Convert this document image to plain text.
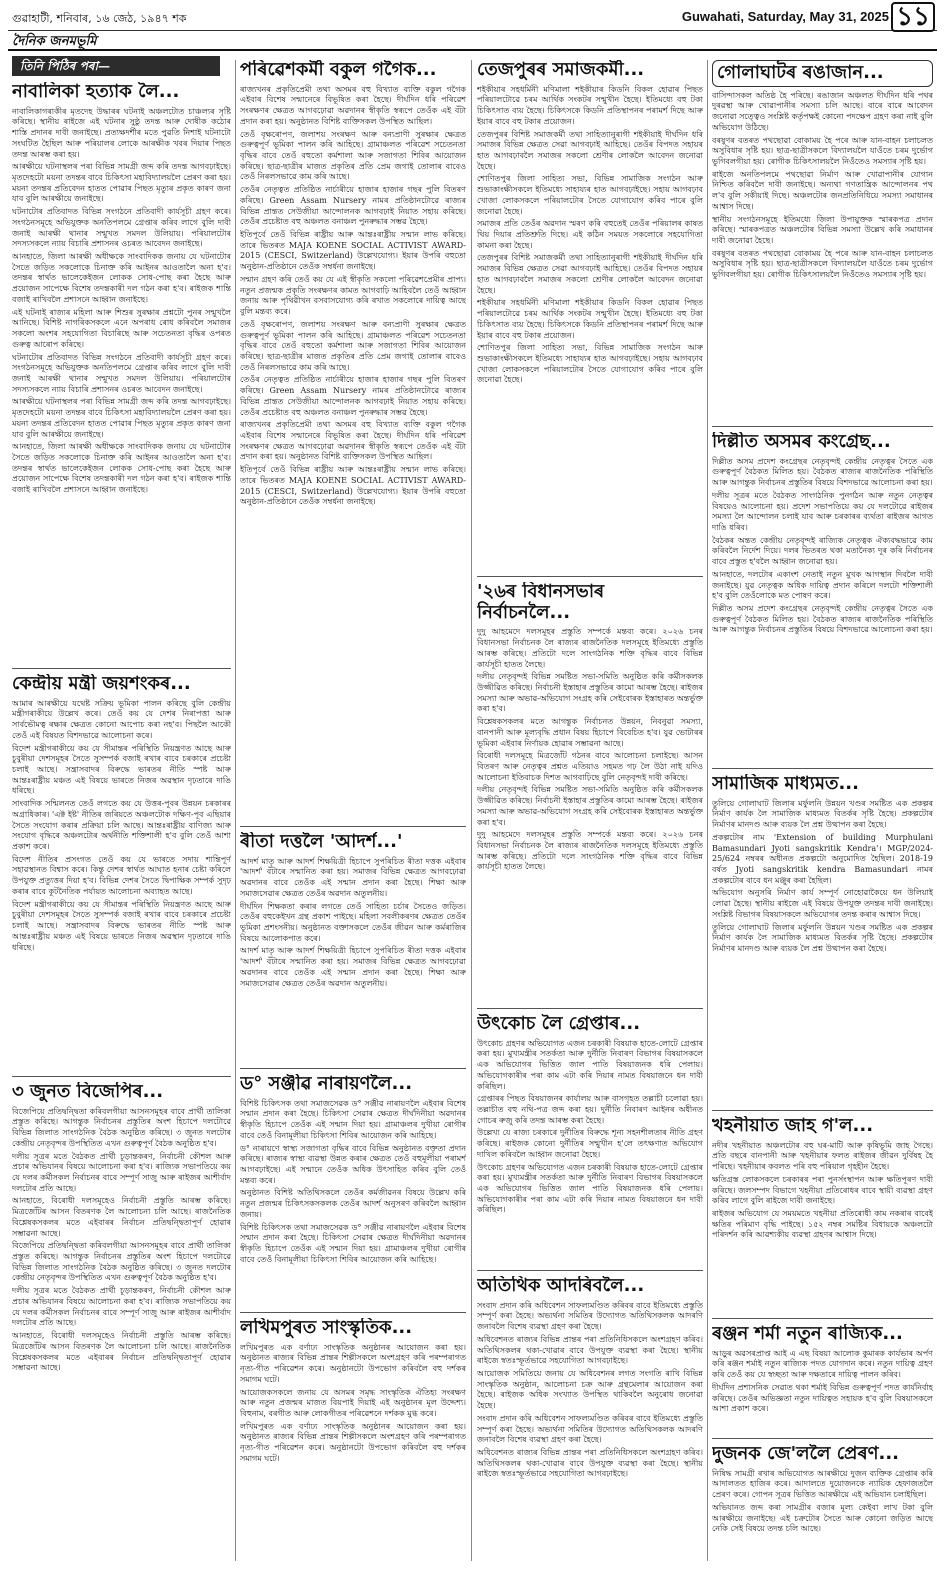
গুৱাহাটী, শনিবাৰ, ১৬ জেঠ, ১৯৪৭ শক	Guwahati, Saturday, May 31, 2025 ১১
দৈনিক জনমভূমি
নাবালিকা হত্যাক লৈ...

নাবালিকাগৰাকীৰ মৃতদেহ উদ্ধাৰৰ ঘটনাই অঞ্চলটোত চাঞ্চল্যৰ সৃষ্টি কৰিছে। স্থানীয় ৰাইজে এই ঘটনাৰ সুষ্ঠু তদন্ত আৰু দোষীক কঠোৰ শাস্তি প্ৰদানৰ দাবী জনাইছে। প্ৰত্যক্ষদৰ্শীৰ মতে পুৱতি নিশাই ঘটনাটো সংঘটিত হৈছিল আৰু পৰিয়ালৰ লোকে আৰক্ষীক খবৰ দিয়াৰ পিছত তদন্ত আৰম্ভ কৰা হয়।

আৰক্ষীয়ে ঘটনাস্থলৰ পৰা বিভিন্ন সামগ্ৰী জব্দ কৰি তদন্ত আগবঢ়াইছে। মৃতদেহটো ময়না তদন্তৰ বাবে চিকিৎসা মহাবিদ্যালয়লৈ প্ৰেৰণ কৰা হয়। ময়না তদন্তৰ প্ৰতিবেদন হাতত পোৱাৰ পিছত মৃত্যুৰ প্ৰকৃত কাৰণ জনা যাব বুলি আৰক্ষীয়ে জনাইছে।

ঘটনাটোৰ প্ৰতিবাদত বিভিন্ন সংগঠনে প্ৰতিবাদী কাৰ্যসূচী গ্ৰহণ কৰে। সংগঠনসমূহে অভিযুক্তক অনতিপলমে গ্ৰেপ্তাৰ কৰিব লাগে বুলি দাবী জনাই আৰক্ষী থানাৰ সন্মুখত সমদল উলিয়ায়। পৰিয়ালটোৰ সদস্যসকলে ন্যায় বিচাৰি প্ৰশাসনৰ ওচৰত আবেদন জনাইছে।

আনহাতে, জিলা আৰক্ষী অধীক্ষকে সাংবাদিকক জনায় যে ঘটনাটোৰ সৈতে জড়িত সকলোকে চিনাক্ত কৰি আইনৰ আওতালৈ অনা হ'ব। তদন্তৰ স্বাৰ্থত ভালেকেইজন লোকক সোধ-পোছ কৰা হৈছে আৰু প্ৰয়োজন সাপেক্ষে বিশেষ তদন্তকাৰী দল গঠন কৰা হ'ব। ৰাইজক শান্তি বজাই ৰাখিবলৈ প্ৰশাসনে আহ্বান জনাইছে।

এই ঘটনাই ৰাজ্যৰ মহিলা আৰু শিশুৰ সুৰক্ষাৰ প্ৰশ্নটো পুনৰ সন্মুখলৈ আনিছে। বিশিষ্ট নাগৰিকসকলে এনে অপৰাধ ৰোধ কৰিবলৈ সমাজৰ সকলো অংশৰ সহযোগিতা বিচাৰিছে আৰু সচেতনতা বৃদ্ধিৰ ওপৰত গুৰুত্ব আৰোপ কৰিছে।

ঘটনাটোৰ প্ৰতিবাদত বিভিন্ন সংগঠনে প্ৰতিবাদী কাৰ্যসূচী গ্ৰহণ কৰে। সংগঠনসমূহে অভিযুক্তক অনতিপলমে গ্ৰেপ্তাৰ কৰিব লাগে বুলি দাবী জনাই আৰক্ষী থানাৰ সন্মুখত সমদল উলিয়ায়। পৰিয়ালটোৰ সদস্যসকলে ন্যায় বিচাৰি প্ৰশাসনৰ ওচৰত আবেদন জনাইছে।

আৰক্ষীয়ে ঘটনাস্থলৰ পৰা বিভিন্ন সামগ্ৰী জব্দ কৰি তদন্ত আগবঢ়াইছে। মৃতদেহটো ময়না তদন্তৰ বাবে চিকিৎসা মহাবিদ্যালয়লৈ প্ৰেৰণ কৰা হয়। ময়না তদন্তৰ প্ৰতিবেদন হাতত পোৱাৰ পিছত মৃত্যুৰ প্ৰকৃত কাৰণ জনা যাব বুলি আৰক্ষীয়ে জনাইছে।

আনহাতে, জিলা আৰক্ষী অধীক্ষকে সাংবাদিকক জনায় যে ঘটনাটোৰ সৈতে জড়িত সকলোকে চিনাক্ত কৰি আইনৰ আওতালৈ অনা হ'ব। তদন্তৰ স্বাৰ্থত ভালেকেইজন লোকক সোধ-পোছ কৰা হৈছে আৰু প্ৰয়োজন সাপেক্ষে বিশেষ তদন্তকাৰী দল গঠন কৰা হ'ব। ৰাইজক শান্তি বজাই ৰাখিবলৈ প্ৰশাসনে আহ্বান জনাইছে।

কেন্দ্ৰীয় মন্ত্ৰী জয়শংকৰ...

আমাৰ আৰক্ষীয়ে যথেষ্ট সক্ৰিয় ভূমিকা পালন কৰিছে বুলি কেন্দ্ৰীয় মন্ত্ৰীগৰাকীয়ে উল্লেখ কৰে। তেওঁ কয় যে দেশৰ নিৰাপত্তা আৰু সাৰ্বভৌমত্ব ৰক্ষাৰ ক্ষেত্ৰত কোনো আপোচ কৰা নহ'ব। পিছলৈ আকৌ তেওঁ এই বিষয়ত বিশদভাৱে আলোচনা কৰে।

বিদেশ মন্ত্ৰীগৰাকীয়ে কয় যে সীমান্তৰ পৰিস্থিতি নিয়ন্ত্ৰণত আছে আৰু চুবুৰীয়া দেশসমূহৰ সৈতে সুসম্পৰ্ক বজাই ৰখাৰ বাবে চৰকাৰে প্ৰচেষ্টা চলাই আছে। সন্ত্ৰাসবাদৰ বিৰুদ্ধে ভাৰতৰ নীতি স্পষ্ট আৰু আন্তঃৰাষ্ট্ৰীয় মঞ্চত এই বিষয়ে ভাৰতে নিজৰ অৱস্থান দৃঢ়তাৰে দাঙি ধৰিছে।

সাংবাদিক সন্মিলনত তেওঁ লগতে কয় যে উত্তৰ-পূবৰ উন্নয়ন চৰকাৰৰ অগ্ৰাধিকাৰ। 'এক্ট ইষ্ট' নীতিৰ জৰিয়তে অঞ্চলটোক দক্ষিণ-পূব এছিয়াৰ সৈতে সংযোগ কৰাৰ প্ৰক্ৰিয়া চলি আছে। আন্তঃৰাষ্ট্ৰীয় বাণিজ্য আৰু সংযোগ বৃদ্ধিৰে অঞ্চলটোৰ অৰ্থনীতি শক্তিশালী হ'ব বুলি তেওঁ আশা প্ৰকাশ কৰে।

বিদেশ নীতিৰ প্ৰসংগত তেওঁ কয় যে ভাৰতে সদায় শান্তিপূৰ্ণ সহাৱস্থানত বিশ্বাস কৰে। কিন্তু দেশৰ স্বাৰ্থত আঘাত হনাৰ চেষ্টা কৰিলে উপযুক্ত প্ৰত্যুত্তৰ দিয়া হ'ব। বিভিন্ন দেশৰ সৈতে দ্বিপাক্ষিক সম্পৰ্ক সুদৃঢ় কৰাৰ বাবে কূটনৈতিক পৰ্যায়ত আলোচনা অব্যাহত আছে।

বিদেশ মন্ত্ৰীগৰাকীয়ে কয় যে সীমান্তৰ পৰিস্থিতি নিয়ন্ত্ৰণত আছে আৰু চুবুৰীয়া দেশসমূহৰ সৈতে সুসম্পৰ্ক বজাই ৰখাৰ বাবে চৰকাৰে প্ৰচেষ্টা চলাই আছে। সন্ত্ৰাসবাদৰ বিৰুদ্ধে ভাৰতৰ নীতি স্পষ্ট আৰু আন্তঃৰাষ্ট্ৰীয় মঞ্চত এই বিষয়ে ভাৰতে নিজৰ অৱস্থান দৃঢ়তাৰে দাঙি ধৰিছে।

৩ জুনত বিজেপিৰ...

বিজেপিয়ে প্ৰতিদ্বন্দ্বিতা কৰিবলগীয়া আসনসমূহৰ বাবে প্ৰাৰ্থী তালিকা প্ৰস্তুত কৰিছে। আগন্তুক নিৰ্বাচনৰ প্ৰস্তুতিৰ অংশ হিচাপে দলটোৱে বিভিন্ন জিলাত সাংগঠনিক বৈঠক অনুষ্ঠিত কৰিছে। ৩ জুনত দলটোৰ কেন্দ্ৰীয় নেতৃবৃন্দৰ উপস্থিতিত এখন গুৰুত্বপূৰ্ণ বৈঠক অনুষ্ঠিত হ'ব।

দলীয় সূত্ৰৰ মতে বৈঠকত প্ৰাৰ্থী চূড়ান্তকৰণ, নিৰ্বাচনী কৌশল আৰু প্ৰচাৰ অভিযানৰ বিষয়ে আলোচনা কৰা হ'ব। ৰাজ্যিক সভাপতিয়ে কয় যে দলৰ কৰ্মীসকল নিৰ্বাচনৰ বাবে সম্পূৰ্ণ সাজু আৰু ৰাইজৰ আশীৰ্বাদ দলটোৰ প্ৰতি আছে।

আনহাতে, বিৰোধী দলসমূহেও নিৰ্বাচনী প্ৰস্তুতি আৰম্ভ কৰিছে। মিত্ৰজোঁটৰ আসন বিতৰণক লৈ আলোচনা চলি আছে। ৰাজনৈতিক বিশ্লেষকসকলৰ মতে এইবাৰৰ নিৰ্বাচন প্ৰতিদ্বন্দ্বিতাপূৰ্ণ হোৱাৰ সম্ভাৱনা আছে।

বিজেপিয়ে প্ৰতিদ্বন্দ্বিতা কৰিবলগীয়া আসনসমূহৰ বাবে প্ৰাৰ্থী তালিকা প্ৰস্তুত কৰিছে। আগন্তুক নিৰ্বাচনৰ প্ৰস্তুতিৰ অংশ হিচাপে দলটোৱে বিভিন্ন জিলাত সাংগঠনিক বৈঠক অনুষ্ঠিত কৰিছে। ৩ জুনত দলটোৰ কেন্দ্ৰীয় নেতৃবৃন্দৰ উপস্থিতিত এখন গুৰুত্বপূৰ্ণ বৈঠক অনুষ্ঠিত হ'ব।

দলীয় সূত্ৰৰ মতে বৈঠকত প্ৰাৰ্থী চূড়ান্তকৰণ, নিৰ্বাচনী কৌশল আৰু প্ৰচাৰ অভিযানৰ বিষয়ে আলোচনা কৰা হ'ব। ৰাজ্যিক সভাপতিয়ে কয় যে দলৰ কৰ্মীসকল নিৰ্বাচনৰ বাবে সম্পূৰ্ণ সাজু আৰু ৰাইজৰ আশীৰ্বাদ দলটোৰ প্ৰতি আছে।

আনহাতে, বিৰোধী দলসমূহেও নিৰ্বাচনী প্ৰস্তুতি আৰম্ভ কৰিছে। মিত্ৰজোঁটৰ আসন বিতৰণক লৈ আলোচনা চলি আছে। ৰাজনৈতিক বিশ্লেষকসকলৰ মতে এইবাৰৰ নিৰ্বাচন প্ৰতিদ্বন্দ্বিতাপূৰ্ণ হোৱাৰ সম্ভাৱনা আছে।

তিনি পিঠিৰ পৰা—	পৰিৱেশকৰ্মী বকুল গগৈক...

ৰাজ্যখনৰ প্ৰকৃতিপ্ৰেমী তথা অসমৰ বহু বিখ্যাত ব্যক্তি বকুল গগৈক এইবাৰ বিশেষ সন্মানেৰে বিভূষিত কৰা হৈছে। দীৰ্ঘদিন ধৰি পৰিৱেশ সংৰক্ষণৰ ক্ষেত্ৰত আগবঢ়োৱা অৱদানৰ স্বীকৃতি স্বৰূপে তেওঁক এই বঁটা প্ৰদান কৰা হয়। অনুষ্ঠানত বিশিষ্ট ব্যক্তিসকল উপস্থিত আছিল।

তেওঁ বৃক্ষৰোপণ, জলাশয় সংৰক্ষণ আৰু বন্যপ্ৰাণী সুৰক্ষাৰ ক্ষেত্ৰত গুৰুত্বপূৰ্ণ ভূমিকা পালন কৰি আহিছে। গ্ৰামাঞ্চলত পৰিৱেশ সচেতনতা বৃদ্ধিৰ বাবে তেওঁ বহুতো কৰ্মশালা আৰু সজাগতা শিবিৰ আয়োজন কৰিছে। ছাত্ৰ-ছাত্ৰীৰ মাজত প্ৰকৃতিৰ প্ৰতি প্ৰেম জগাই তোলাৰ বাবেও তেওঁ নিৰলসভাৱে কাম কৰি আছে।

তেওঁৰ নেতৃত্বত প্ৰতিষ্ঠিত নাৰ্চাৰীয়ে হাজাৰ হাজাৰ গছৰ পুলি বিতৰণ কৰিছে। Green Assam Nursery নামৰ প্ৰতিষ্ঠানটোৱে ৰাজ্যৰ বিভিন্ন প্ৰান্তত সেউজীয়া আন্দোলনক আগবঢ়াই নিয়াত সহায় কৰিছে। তেওঁৰ প্ৰচেষ্টাত বহু অঞ্চলত বনাঞ্চল পুনৰুদ্ধাৰ সম্ভৱ হৈছে।

ইতিপূৰ্বে তেওঁ বিভিন্ন ৰাষ্ট্ৰীয় আৰু আন্তঃৰাষ্ট্ৰীয় সন্মান লাভ কৰিছে। তাৰে ভিতৰত MAJA KOENE SOCIAL ACTIVIST AWARD-2015 (CESCI, Switzerland) উল্লেখযোগ্য। ইয়াৰ উপৰি বহুতো অনুষ্ঠান-প্ৰতিষ্ঠানে তেওঁক সম্বৰ্ধনা জনাইছে।

সন্মান গ্ৰহণ কৰি তেওঁ কয় যে এই স্বীকৃতি সকলো পৰিৱেশপ্ৰেমীৰ প্ৰাপ্য। নতুন প্ৰজন্মক প্ৰকৃতি সংৰক্ষণৰ কামত আগবাঢ়ি আহিবলৈ তেওঁ আহ্বান জনায় আৰু পৃথিৱীখন বসবাসযোগ্য কৰি ৰখাত সকলোৰে দায়িত্ব আছে বুলি মন্তব্য কৰে।

তেওঁ বৃক্ষৰোপণ, জলাশয় সংৰক্ষণ আৰু বন্যপ্ৰাণী সুৰক্ষাৰ ক্ষেত্ৰত গুৰুত্বপূৰ্ণ ভূমিকা পালন কৰি আহিছে। গ্ৰামাঞ্চলত পৰিৱেশ সচেতনতা বৃদ্ধিৰ বাবে তেওঁ বহুতো কৰ্মশালা আৰু সজাগতা শিবিৰ আয়োজন কৰিছে। ছাত্ৰ-ছাত্ৰীৰ মাজত প্ৰকৃতিৰ প্ৰতি প্ৰেম জগাই তোলাৰ বাবেও তেওঁ নিৰলসভাৱে কাম কৰি আছে।

তেওঁৰ নেতৃত্বত প্ৰতিষ্ঠিত নাৰ্চাৰীয়ে হাজাৰ হাজাৰ গছৰ পুলি বিতৰণ কৰিছে। Green Assam Nursery নামৰ প্ৰতিষ্ঠানটোৱে ৰাজ্যৰ বিভিন্ন প্ৰান্তত সেউজীয়া আন্দোলনক আগবঢ়াই নিয়াত সহায় কৰিছে। তেওঁৰ প্ৰচেষ্টাত বহু অঞ্চলত বনাঞ্চল পুনৰুদ্ধাৰ সম্ভৱ হৈছে।

ৰাজ্যখনৰ প্ৰকৃতিপ্ৰেমী তথা অসমৰ বহু বিখ্যাত ব্যক্তি বকুল গগৈক এইবাৰ বিশেষ সন্মানেৰে বিভূষিত কৰা হৈছে। দীৰ্ঘদিন ধৰি পৰিৱেশ সংৰক্ষণৰ ক্ষেত্ৰত আগবঢ়োৱা অৱদানৰ স্বীকৃতি স্বৰূপে তেওঁক এই বঁটা প্ৰদান কৰা হয়। অনুষ্ঠানত বিশিষ্ট ব্যক্তিসকল উপস্থিত আছিল।

ইতিপূৰ্বে তেওঁ বিভিন্ন ৰাষ্ট্ৰীয় আৰু আন্তঃৰাষ্ট্ৰীয় সন্মান লাভ কৰিছে। তাৰে ভিতৰত MAJA KOENE SOCIAL ACTIVIST AWARD-2015 (CESCI, Switzerland) উল্লেখযোগ্য। ইয়াৰ উপৰি বহুতো অনুষ্ঠান-প্ৰতিষ্ঠানে তেওঁক সম্বৰ্ধনা জনাইছে।

ৰীতা দত্তলৈ 'আদৰ্শ...'

আদৰ্শ মাতৃ আৰু আদৰ্শ শিক্ষয়িত্ৰী হিচাপে সুপৰিচিত ৰীতা দত্তক এইবাৰ 'আদৰ্শ' বঁটাৰে সন্মানিত কৰা হয়। সমাজৰ বিভিন্ন ক্ষেত্ৰত আগবঢ়োৱা অৱদানৰ বাবে তেওঁক এই সন্মান প্ৰদান কৰা হৈছে। শিক্ষা আৰু সমাজসেৱাৰ ক্ষেত্ৰত তেওঁৰ অৱদান অতুলনীয়।

দীৰ্ঘদিন শিক্ষকতা কৰাৰ লগতে তেওঁ সাহিত্য চৰ্চাৰ সৈতেও জড়িত। তেওঁৰ বহুকেইখন গ্ৰন্থ প্ৰকাশ পাইছে। মহিলা সবলীকৰণৰ ক্ষেত্ৰত তেওঁৰ ভূমিকা প্ৰশংসনীয়। অনুষ্ঠানত বক্তাসকলে তেওঁৰ জীৱন আৰু কৰ্মৰাজিৰ বিষয়ে আলোকপাত কৰে।

আদৰ্শ মাতৃ আৰু আদৰ্শ শিক্ষয়িত্ৰী হিচাপে সুপৰিচিত ৰীতা দত্তক এইবাৰ 'আদৰ্শ' বঁটাৰে সন্মানিত কৰা হয়। সমাজৰ বিভিন্ন ক্ষেত্ৰত আগবঢ়োৱা অৱদানৰ বাবে তেওঁক এই সন্মান প্ৰদান কৰা হৈছে। শিক্ষা আৰু সমাজসেৱাৰ ক্ষেত্ৰত তেওঁৰ অৱদান অতুলনীয়।

ড° সঞ্জীৱ নাৰায়ণলৈ...

বিশিষ্ট চিকিৎসক তথা সমাজসেৱক ড° সঞ্জীৱ নাৰায়ণলৈ এইবাৰ বিশেষ সন্মান প্ৰদান কৰা হৈছে। চিকিৎসা সেৱাৰ ক্ষেত্ৰত দীৰ্ঘদিনীয়া অৱদানৰ স্বীকৃতি হিচাপে তেওঁক এই সন্মান দিয়া হয়। গ্ৰামাঞ্চলৰ দুখীয়া ৰোগীৰ বাবে তেওঁ বিনামূলীয়া চিকিৎসা শিবিৰ আয়োজন কৰি আহিছে।

ড° নাৰায়ণে স্বাস্থ্য সজাগতা বৃদ্ধিৰ বাবে বিভিন্ন অনুষ্ঠানত বক্তৃতা প্ৰদান কৰিছে। ৰাজ্যৰ স্বাস্থ্য ব্যৱস্থা উন্নত কৰাৰ ক্ষেত্ৰত তেওঁ বহুমূলীয়া পৰামৰ্শ আগবঢ়াইছে। এই সন্মানে তেওঁক অধিক উৎসাহিত কৰিব বুলি তেওঁ মন্তব্য কৰে।

অনুষ্ঠানত বিশিষ্ট অতিথিসকলে তেওঁৰ কৰ্মজীৱনৰ বিষয়ে উল্লেখ কৰি নতুন প্ৰজন্মৰ চিকিৎসকসকলক তেওঁৰ আদৰ্শ অনুসৰণ কৰিবলৈ আহ্বান জনায়।

বিশিষ্ট চিকিৎসক তথা সমাজসেৱক ড° সঞ্জীৱ নাৰায়ণলৈ এইবাৰ বিশেষ সন্মান প্ৰদান কৰা হৈছে। চিকিৎসা সেৱাৰ ক্ষেত্ৰত দীৰ্ঘদিনীয়া অৱদানৰ স্বীকৃতি হিচাপে তেওঁক এই সন্মান দিয়া হয়। গ্ৰামাঞ্চলৰ দুখীয়া ৰোগীৰ বাবে তেওঁ বিনামূলীয়া চিকিৎসা শিবিৰ আয়োজন কৰি আহিছে।

লখিমপুৰত সাংস্কৃতিক...

লখিমপুৰত এক বৰ্ণাঢ্য সাংস্কৃতিক অনুষ্ঠানৰ আয়োজন কৰা হয়। অনুষ্ঠানত ৰাজ্যৰ বিভিন্ন প্ৰান্তৰ শিল্পীসকলে অংশগ্ৰহণ কৰি পৰম্পৰাগত নৃত্য-গীত পৰিৱেশন কৰে। অনুষ্ঠানটো উপভোগ কৰিবলৈ বহু দৰ্শকৰ সমাগম ঘটে।

আয়োজকসকলে জনায় যে অসমৰ সমৃদ্ধ সাংস্কৃতিক ঐতিহ্য সংৰক্ষণ আৰু নতুন প্ৰজন্মৰ মাজত বিয়পাই দিয়াই এই অনুষ্ঠানৰ মূল উদ্দেশ্য। বিহুনাম, বৰগীত আৰু লোকগীতৰ পৰিৱেশনে দৰ্শকক মুগ্ধ কৰে।

লখিমপুৰত এক বৰ্ণাঢ্য সাংস্কৃতিক অনুষ্ঠানৰ আয়োজন কৰা হয়। অনুষ্ঠানত ৰাজ্যৰ বিভিন্ন প্ৰান্তৰ শিল্পীসকলে অংশগ্ৰহণ কৰি পৰম্পৰাগত নৃত্য-গীত পৰিৱেশন কৰে। অনুষ্ঠানটো উপভোগ কৰিবলৈ বহু দৰ্শকৰ সমাগম ঘটে।

তেজপুৰৰ সমাজকৰ্মী...

শইকীয়াৰ সহধৰ্মিনী মণিমালা শইকীয়াৰ কিডনি বিকল হোৱাৰ পিছত পৰিয়ালটোৱে চৰম আৰ্থিক সংকটৰ সন্মুখীন হৈছে। ইতিমধ্যে বহু টকা চিকিৎসাত ব্যয় হৈছে। চিকিৎসকে কিডনি প্ৰতিস্থাপনৰ পৰামৰ্শ দিছে আৰু ইয়াৰ বাবে বহু টকাৰ প্ৰয়োজন।

তেজপুৰৰ বিশিষ্ট সমাজকৰ্মী তথা সাহিত্যানুৰাগী শইকীয়াই দীৰ্ঘদিন ধৰি সমাজৰ বিভিন্ন ক্ষেত্ৰত সেৱা আগবঢ়াই আহিছে। তেওঁৰ বিপদত সহায়ৰ হাত আগবঢ়াবলৈ সমাজৰ সকলো শ্ৰেণীৰ লোকলৈ আবেদন জনোৱা হৈছে।

শোণিতপুৰ জিলা সাহিত্য সভা, বিভিন্ন সামাজিক সংগঠন আৰু শুভাকাংক্ষীসকলে ইতিমধ্যে সাহায্যৰ হাত আগবঢ়াইছে। সহায় আগবঢ়াব খোজা লোকসকলে পৰিয়ালটোৰ সৈতে যোগাযোগ কৰিব পাৰে বুলি জনোৱা হৈছে।

সমাজৰ প্ৰতি তেওঁৰ অৱদান স্মৰণ কৰি বহুতেই তেওঁৰ পৰিয়ালৰ কাষত থিয় দিয়াৰ প্ৰতিশ্ৰুতি দিছে। এই কঠিন সময়ত সকলোৰে সহযোগিতা কামনা কৰা হৈছে।

তেজপুৰৰ বিশিষ্ট সমাজকৰ্মী তথা সাহিত্যানুৰাগী শইকীয়াই দীৰ্ঘদিন ধৰি সমাজৰ বিভিন্ন ক্ষেত্ৰত সেৱা আগবঢ়াই আহিছে। তেওঁৰ বিপদত সহায়ৰ হাত আগবঢ়াবলৈ সমাজৰ সকলো শ্ৰেণীৰ লোকলৈ আবেদন জনোৱা হৈছে।

শইকীয়াৰ সহধৰ্মিনী মণিমালা শইকীয়াৰ কিডনি বিকল হোৱাৰ পিছত পৰিয়ালটোৱে চৰম আৰ্থিক সংকটৰ সন্মুখীন হৈছে। ইতিমধ্যে বহু টকা চিকিৎসাত ব্যয় হৈছে। চিকিৎসকে কিডনি প্ৰতিস্থাপনৰ পৰামৰ্শ দিছে আৰু ইয়াৰ বাবে বহু টকাৰ প্ৰয়োজন।

শোণিতপুৰ জিলা সাহিত্য সভা, বিভিন্ন সামাজিক সংগঠন আৰু শুভাকাংক্ষীসকলে ইতিমধ্যে সাহায্যৰ হাত আগবঢ়াইছে। সহায় আগবঢ়াব খোজা লোকসকলে পৰিয়ালটোৰ সৈতে যোগাযোগ কৰিব পাৰে বুলি জনোৱা হৈছে।

'২৬ৰ বিধানসভাৰ নিৰ্বাচনলৈ...

দুদু আহমেদে দলসমূহৰ প্ৰস্তুতি সম্পৰ্কে মন্তব্য কৰে। ২০২৬ চনৰ বিধানসভা নিৰ্বাচনক লৈ ৰাজ্যৰ ৰাজনৈতিক দলসমূহে ইতিমধ্যে প্ৰস্তুতি আৰম্ভ কৰিছে। প্ৰতিটো দলে সাংগঠনিক শক্তি বৃদ্ধিৰ বাবে বিভিন্ন কাৰ্যসূচী হাতত লৈছে।

দলীয় নেতৃবৃন্দই বিভিন্ন সমষ্টিত সভা-সমিতি অনুষ্ঠিত কৰি কৰ্মীসকলক উজ্জীৱিত কৰিছে। নিৰ্বাচনী ইস্তাহাৰ প্ৰস্তুতিৰ কামো আৰম্ভ হৈছে। ৰাইজৰ সমস্যা আৰু অভাৱ-অভিযোগ সংগ্ৰহ কৰি সেইবোৰক ইস্তাহাৰত অন্তৰ্ভুক্ত কৰা হ'ব।

বিশ্লেষকসকলৰ মতে আগন্তুক নিৰ্বাচনত উন্নয়ন, নিবনুৱা সমস্যা, বানপানী আৰু মূল্যবৃদ্ধি প্ৰধান বিষয় হিচাপে বিবেচিত হ'ব। যুৱ ভোটাৰৰ ভূমিকা এইবাৰ নিৰ্ণায়ক হোৱাৰ সম্ভাৱনা আছে।

বিৰোধী দলসমূহে মিত্ৰজোঁট গঠনৰ বাবে আলোচনা চলাইছে। আসন বিতৰণ আৰু নেতৃত্বৰ প্ৰশ্নত এতিয়াও সহমত গঢ় লৈ উঠা নাই যদিও আলোচনা ইতিবাচক দিশত আগবাঢ়িছে বুলি নেতৃবৃন্দই দাবী কৰিছে।

দলীয় নেতৃবৃন্দই বিভিন্ন সমষ্টিত সভা-সমিতি অনুষ্ঠিত কৰি কৰ্মীসকলক উজ্জীৱিত কৰিছে। নিৰ্বাচনী ইস্তাহাৰ প্ৰস্তুতিৰ কামো আৰম্ভ হৈছে। ৰাইজৰ সমস্যা আৰু অভাৱ-অভিযোগ সংগ্ৰহ কৰি সেইবোৰক ইস্তাহাৰত অন্তৰ্ভুক্ত কৰা হ'ব।

দুদু আহমেদে দলসমূহৰ প্ৰস্তুতি সম্পৰ্কে মন্তব্য কৰে। ২০২৬ চনৰ বিধানসভা নিৰ্বাচনক লৈ ৰাজ্যৰ ৰাজনৈতিক দলসমূহে ইতিমধ্যে প্ৰস্তুতি আৰম্ভ কৰিছে। প্ৰতিটো দলে সাংগঠনিক শক্তি বৃদ্ধিৰ বাবে বিভিন্ন কাৰ্যসূচী হাতত লৈছে।

উৎকোচ লৈ গ্ৰেপ্তাৰ...

উৎকোচ গ্ৰহণৰ অভিযোগত এজন চৰকাৰী বিষয়াক হাতে-লোটে গ্ৰেপ্তাৰ কৰা হয়। মুখ্যমন্ত্ৰীৰ সতৰ্কতা আৰু দুৰ্নীতি নিবাৰণ বিভাগৰ বিষয়াসকলে এক অভিযোগৰ ভিত্তিত জাল পাতি বিষয়াজনক ধৰি পেলায়। অভিযোগকাৰীৰ পৰা কাম এটা কৰি দিয়াৰ নামত বিষয়াজনে ধন দাবী কৰিছিল।

গ্ৰেপ্তাৰৰ পিছত বিষয়াজনৰ কাৰ্যালয় আৰু বাসগৃহত তল্লাচী চলোৱা হয়। তল্লাচীত বহু নথি-পত্ৰ জব্দ কৰা হয়। দুৰ্নীতি নিবাৰণ আইনৰ অধীনত গোচৰ ৰুজু কৰি তদন্ত আৰম্ভ কৰা হৈছে।

উল্লেখ্য যে ৰাজ্য চৰকাৰে দুৰ্নীতিৰ বিৰুদ্ধে শূন্য সহনশীলতাৰ নীতি গ্ৰহণ কৰিছে। ৰাইজক কোনো দুৰ্নীতিৰ সন্মুখীন হ'লে তৎক্ষণাত অভিযোগ দাখিল কৰিবলৈ আহ্বান জনোৱা হৈছে।

উৎকোচ গ্ৰহণৰ অভিযোগত এজন চৰকাৰী বিষয়াক হাতে-লোটে গ্ৰেপ্তাৰ কৰা হয়। মুখ্যমন্ত্ৰীৰ সতৰ্কতা আৰু দুৰ্নীতি নিবাৰণ বিভাগৰ বিষয়াসকলে এক অভিযোগৰ ভিত্তিত জাল পাতি বিষয়াজনক ধৰি পেলায়। অভিযোগকাৰীৰ পৰা কাম এটা কৰি দিয়াৰ নামত বিষয়াজনে ধন দাবী কৰিছিল।

অতিথিক আদৰিবলৈ...

সংবাদ প্ৰদান কৰি অধিবেশন সাফল্যমণ্ডিত কৰিবৰ বাবে ইতিমধ্যে প্ৰস্তুতি সম্পূৰ্ণ কৰা হৈছে। অভ্যৰ্থনা সমিতিৰ উদ্যোগত অতিথিসকলক আদৰণি জনাবলৈ বিশেষ ব্যৱস্থা গ্ৰহণ কৰা হৈছে।

অধিবেশনত ৰাজ্যৰ বিভিন্ন প্ৰান্তৰ পৰা প্ৰতিনিধিসকলে অংশগ্ৰহণ কৰিব। অতিথিসকলৰ থকা-খোৱাৰ বাবে উপযুক্ত ব্যৱস্থা কৰা হৈছে। স্থানীয় ৰাইজে স্বতঃস্ফূৰ্তভাৱে সহযোগিতা আগবঢ়াইছে।

আয়োজক সমিতিয়ে জনায় যে অধিবেশনৰ লগত সংগতি ৰাখি বিভিন্ন সাংস্কৃতিক অনুষ্ঠান, আলোচনা চক্ৰ আৰু গ্ৰন্থমেলাৰ আয়োজন কৰা হৈছে। ৰাইজক অধিক সংখ্যাত উপস্থিত থাকিবলৈ অনুৰোধ জনোৱা হৈছে।

সংবাদ প্ৰদান কৰি অধিবেশন সাফল্যমণ্ডিত কৰিবৰ বাবে ইতিমধ্যে প্ৰস্তুতি সম্পূৰ্ণ কৰা হৈছে। অভ্যৰ্থনা সমিতিৰ উদ্যোগত অতিথিসকলক আদৰণি জনাবলৈ বিশেষ ব্যৱস্থা গ্ৰহণ কৰা হৈছে।

অধিবেশনত ৰাজ্যৰ বিভিন্ন প্ৰান্তৰ পৰা প্ৰতিনিধিসকলে অংশগ্ৰহণ কৰিব। অতিথিসকলৰ থকা-খোৱাৰ বাবে উপযুক্ত ব্যৱস্থা কৰা হৈছে। স্থানীয় ৰাইজে স্বতঃস্ফূৰ্তভাৱে সহযোগিতা আগবঢ়াইছে।

গোলাঘাটৰ ৰঙাজান...

বাসিন্দাসকল অতিষ্ঠ হৈ পৰিছে। ৰঙাজান অঞ্চলত দীৰ্ঘদিন ধৰি পথৰ দুৰৱস্থা আৰু খোৱাপানীৰ সমস্যা চলি আছে। বাৰে বাৰে আবেদন জনোৱা সত্ত্বেও সংশ্লিষ্ট কৰ্তৃপক্ষই কোনো পদক্ষেপ গ্ৰহণ কৰা নাই বুলি অভিযোগ উঠিছে।

বৰষুণৰ বতৰত পথছোৱা বোকাময় হৈ পৰে আৰু যান-বাহন চলাচলত অসুবিধাৰ সৃষ্টি হয়। ছাত্ৰ-ছাত্ৰীসকলে বিদ্যালয়লৈ যাওঁতে চৰম দুৰ্ভোগ ভুগিবলগীয়া হয়। ৰোগীক চিকিৎসালয়লৈ নিওঁতেও সমস্যাৰ সৃষ্টি হয়।

ৰাইজে অনতিপলমে পথছোৱা নিৰ্মাণ আৰু খোৱাপানীৰ যোগান নিশ্চিত কৰিবলৈ দাবী জনাইছে। অন্যথা গণতান্ত্ৰিক আন্দোলনৰ পথ ল'ব বুলি সকীয়াই দিছে। অঞ্চলটোৰ জনপ্ৰতিনিধিয়ে সমস্যা সমাধানৰ আশ্বাস দিছে।

স্থানীয় সংগঠনসমূহে ইতিমধ্যে জিলা উপায়ুক্তক স্মাৰকপত্ৰ প্ৰদান কৰিছে। স্মাৰকপত্ৰত অঞ্চলটোৰ বিভিন্ন সমস্যা উল্লেখ কৰি সমাধানৰ দাবী জনোৱা হৈছে।

বৰষুণৰ বতৰত পথছোৱা বোকাময় হৈ পৰে আৰু যান-বাহন চলাচলত অসুবিধাৰ সৃষ্টি হয়। ছাত্ৰ-ছাত্ৰীসকলে বিদ্যালয়লৈ যাওঁতে চৰম দুৰ্ভোগ ভুগিবলগীয়া হয়। ৰোগীক চিকিৎসালয়লৈ নিওঁতেও সমস্যাৰ সৃষ্টি হয়।

দিল্লীত অসমৰ কংগ্ৰেছ...

দিল্লীত অসম প্ৰদেশ কংগ্ৰেছৰ নেতৃবৃন্দই কেন্দ্ৰীয় নেতৃত্বৰ সৈতে এক গুৰুত্বপূৰ্ণ বৈঠকত মিলিত হয়। বৈঠকত ৰাজ্যৰ ৰাজনৈতিক পৰিস্থিতি আৰু আগন্তুক নিৰ্বাচনৰ প্ৰস্তুতিৰ বিষয়ে বিশদভাৱে আলোচনা কৰা হয়।

দলীয় সূত্ৰৰ মতে বৈঠকত সাংগঠনিক পুনৰ্গঠন আৰু নতুন নেতৃত্বৰ বিষয়েও আলোচনা হয়। প্ৰদেশ সভাপতিয়ে কয় যে দলটোৱে ৰাইজৰ সমস্যা লৈ আন্দোলন চলাই যাব আৰু চৰকাৰৰ ব্যৰ্থতা ৰাইজৰ আগত দাঙি ধৰিব।

বৈঠকৰ অন্তত কেন্দ্ৰীয় নেতৃবৃন্দই ৰাজ্যিক নেতৃত্বক ঐক্যবদ্ধভাৱে কাম কৰিবলৈ নিৰ্দেশ দিয়ে। দলৰ ভিতৰত থকা মতানৈক্য দূৰ কৰি নিৰ্বাচনৰ বাবে প্ৰস্তুত হ'বলৈ আহ্বান জনোৱা হয়।

আনহাতে, দলটোৰ একাংশ নেতাই নতুন মুখক আগস্থান দিবলৈ দাবী জনাইছে। যুৱ নেতৃত্বক অধিক দায়িত্ব প্ৰদান কৰিলে দলটো শক্তিশালী হ'ব বুলি তেওঁলোকে মত পোষণ কৰে।

দিল্লীত অসম প্ৰদেশ কংগ্ৰেছৰ নেতৃবৃন্দই কেন্দ্ৰীয় নেতৃত্বৰ সৈতে এক গুৰুত্বপূৰ্ণ বৈঠকত মিলিত হয়। বৈঠকত ৰাজ্যৰ ৰাজনৈতিক পৰিস্থিতি আৰু আগন্তুক নিৰ্বাচনৰ প্ৰস্তুতিৰ বিষয়ে বিশদভাৱে আলোচনা কৰা হয়।

সামাজিক মাধ্যমত...

তুলিয়ে গোলাঘাট জিলাৰ মৰ্ফুলনি উন্নয়ন খণ্ডৰ সমষ্টিত এক প্ৰকল্পৰ নিৰ্মাণ কাৰ্যক লৈ সামাজিক মাধ্যমত বিতৰ্কৰ সৃষ্টি হৈছে। প্ৰকল্পটোৰ নিৰ্মাণৰ মানদণ্ড আৰু ব্যয়ক লৈ প্ৰশ্ন উত্থাপন কৰা হৈছে।

প্ৰকল্পটোৰ নাম 'Extension of building Murphulani Bamasundari Jyoti sangskritik Kendra'। MGP/2024-25/624 নম্বৰৰ অধীনত প্ৰকল্পটো অনুমোদিত হৈছিল। 2018-19 বৰ্ষত Jyoti sangskritik kendra Bamasundari নামৰ প্ৰকল্পটোৰ বাবে ধন মঞ্জুৰ কৰা হৈছিল।

অভিযোগ অনুসৰি নিৰ্মাণ কাৰ্য সম্পূৰ্ণ নোহোৱাকৈয়ে ধন উলিয়াই লোৱা হৈছে। স্থানীয় ৰাইজে এই বিষয়ে উপযুক্ত তদন্তৰ দাবী জনাইছে। সংশ্লিষ্ট বিভাগৰ বিষয়াসকলে অভিযোগৰ তদন্ত কৰাৰ আশ্বাস দিছে।

তুলিয়ে গোলাঘাট জিলাৰ মৰ্ফুলনি উন্নয়ন খণ্ডৰ সমষ্টিত এক প্ৰকল্পৰ নিৰ্মাণ কাৰ্যক লৈ সামাজিক মাধ্যমত বিতৰ্কৰ সৃষ্টি হৈছে। প্ৰকল্পটোৰ নিৰ্মাণৰ মানদণ্ড আৰু ব্যয়ক লৈ প্ৰশ্ন উত্থাপন কৰা হৈছে।

খহনীয়াত জাহ গ'ল...

নদীৰ খহনীয়াত অঞ্চলটোৰ বহু ঘৰ-মাটি আৰু কৃষিভূমি জাহ গৈছে। প্ৰতি বছৰে বানপানী আৰু খহনীয়াৰ ফলত ৰাইজৰ জীৱন দুৰ্বিষহ হৈ পৰিছে। খহনীয়াৰ কবলত পৰি বহু পৰিয়াল গৃহহীন হৈছে।

ক্ষতিগ্ৰস্ত লোকসকলে চৰকাৰৰ পৰা পুনৰ্সংস্থাপন আৰু ক্ষতিপূৰণ দাবী কৰিছে। জলসম্পদ বিভাগে খহনীয়া প্ৰতিৰোধৰ বাবে স্থায়ী ব্যৱস্থা গ্ৰহণ কৰিব লাগে বুলি ৰাইজে দাবী জনাইছে।

ৰাইজৰ অভিযোগ যে সময়মতে খহনীয়া প্ৰতিৰোধী কাম নকৰাৰ বাবেই ক্ষতিৰ পৰিমাণ বৃদ্ধি পাইছে। ১৫২ নম্বৰ সমষ্টিৰ বিধায়কে অঞ্চলটো পৰিদৰ্শন কৰি আৱশ্যকীয় ব্যৱস্থা গ্ৰহণৰ আশ্বাস দিছে।

ৰঞ্জন শৰ্মা নতুন ৰাজ্যিক...

আড়ুৰ অৱসৰপ্ৰাপ্ত আই এ এছ বিষয়া আলোক কুমাৰক কাৰ্যভাৰ অৰ্পণ কৰি ৰঞ্জন শৰ্মাই নতুন ৰাজ্যিক পদত যোগদান কৰে। নতুন দায়িত্ব গ্ৰহণ কৰি তেওঁ কয় যে স্বচ্ছতা আৰু দক্ষতাৰে দায়িত্ব পালন কৰিব।

দীৰ্ঘদিন প্ৰশাসনিক সেৱাত থকা শৰ্মাই বিভিন্ন গুৰুত্বপূৰ্ণ পদত কাৰ্যনিৰ্বাহ কৰিছে। তেওঁৰ অভিজ্ঞতা নতুন দায়িত্বত সহায়ক হ'ব বুলি বিষয়াসকলে আশা প্ৰকাশ কৰে।

দুজনক জে'ললৈ প্ৰেৰণ...

নিষিদ্ধ সামগ্ৰী ৰখাৰ অভিযোগত আৰক্ষীয়ে দুজন ব্যক্তিক গ্ৰেপ্তাৰ কৰি আদালতত হাজিৰ কৰে। আদালতে দুয়োজনকে ন্যায়িক হেফাজতলৈ প্ৰেৰণ কৰে। গোপন সূত্ৰৰ ভিত্তিত আৰক্ষীয়ে এই অভিযান চলাইছিল।

অভিযানত জব্দ কৰা সামগ্ৰীৰ বজাৰ মূল্য কেইবা লাখ টকা বুলি আৰক্ষীয়ে জনাইছে। এই চক্ৰটোৰ সৈতে আৰু কোনো জড়িত আছে নেকি সেই বিষয়ে তদন্ত চলি আছে।
